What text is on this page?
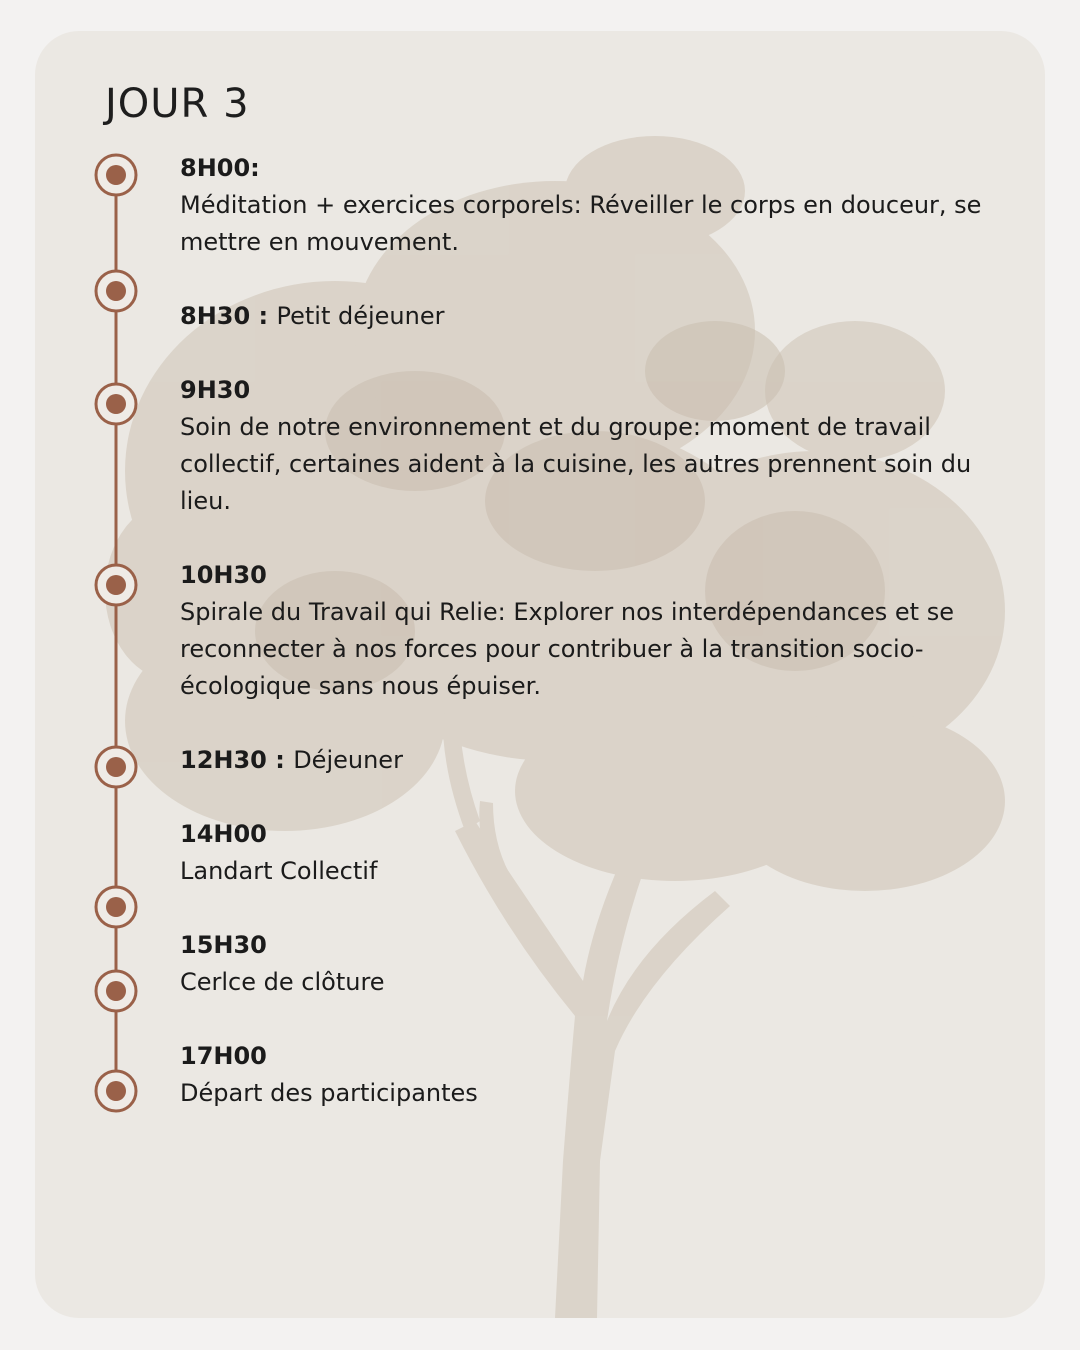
JOUR 3
8H00:
Méditation + exercices corporels: Réveiller le corps en douceur, se mettre en mouvement.
8H30 : Petit déjeuner
9H30
Soin de notre environnement et du groupe: moment de travail collectif, certaines aident à la cuisine, les autres prennent soin du lieu.
10H30
Spirale du Travail qui Relie: Explorer nos interdépendances et se reconnecter à nos forces pour contribuer à la transition socio-écologique sans nous épuiser.
12H30 : Déjeuner
14H00
Landart Collectif
15H30
Cerlce de clôture
17H00
Départ des participantes
